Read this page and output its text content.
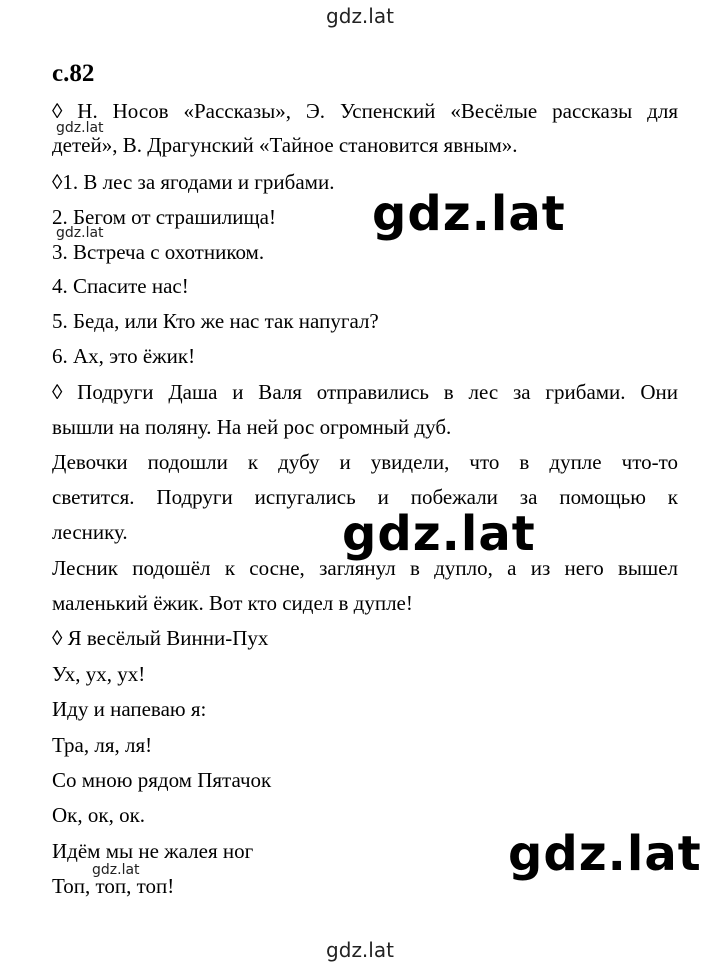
gdz.lat
с.82
◊ Н. Носов «Рассказы», Э. Успенский «Весёлые рассказы для
детей», В. Драгунский «Тайное становится явным».
◊1. В лес за ягодами и грибами.
2. Бегом от страшилища!
3. Встреча с охотником.
4. Спасите нас!
5. Беда, или Кто же нас так напугал?
6. Ах, это ёжик!
◊ Подруги Даша и Валя отправились в лес за грибами. Они
вышли на поляну. На ней рос огромный дуб.
Девочки подошли к дубу и увидели, что в дупле что-то
светится. Подруги испугались и побежали за помощью к
леснику.
Лесник подошёл к сосне, заглянул в дупло, а из него вышел
маленький ёжик. Вот кто сидел в дупле!
◊ Я весёлый Винни-Пух
Ух, ух, ух!
Иду и напеваю я:
Тра, ля, ля!
Со мною рядом Пятачок
Ок, ок, ок.
Идём мы не жалея ног
Топ, топ, топ!
gdz.lat
gdz.lat
gdz.lat
gdz.lat
gdz.lat
gdz.lat
gdz.lat
